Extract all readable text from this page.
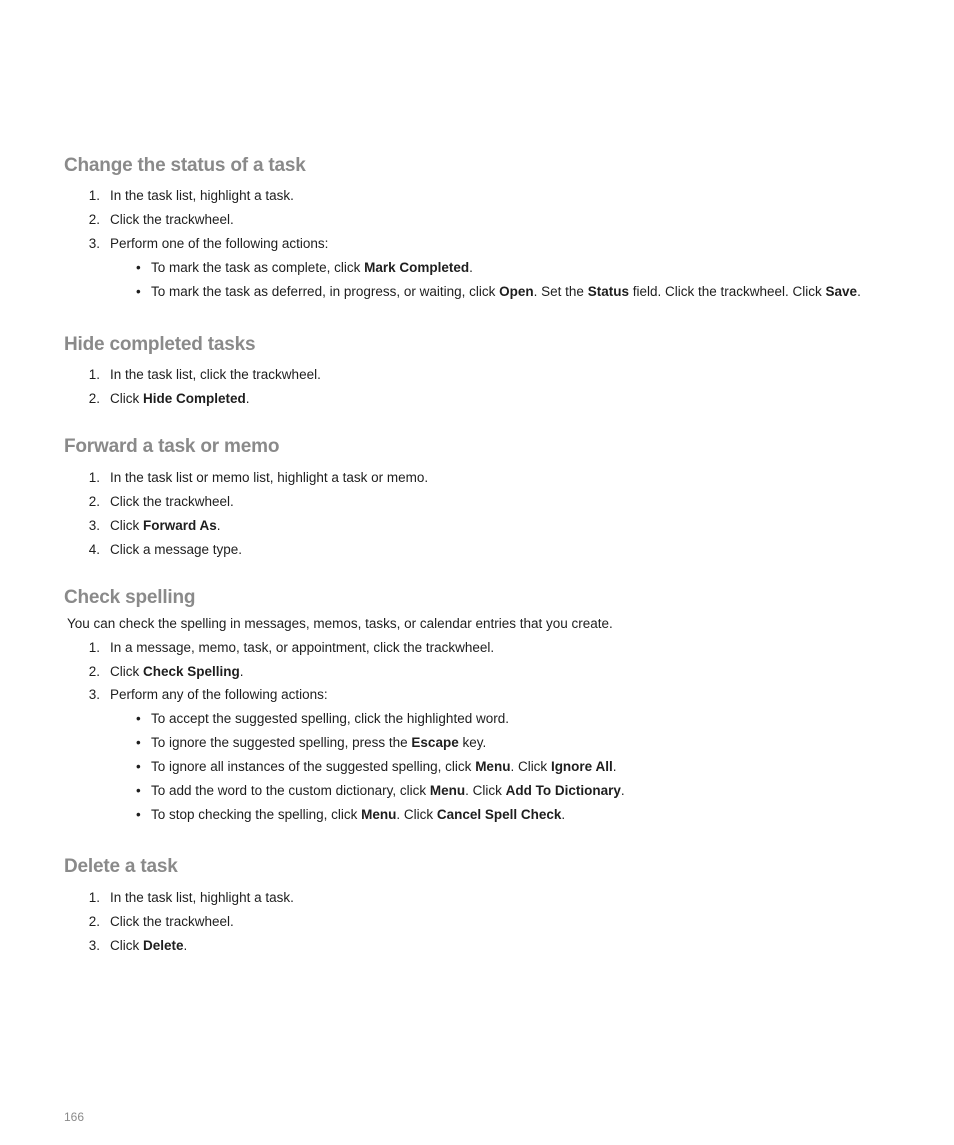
Change the status of a task
1. In the task list, highlight a task.
2. Click the trackwheel.
3. Perform one of the following actions:
• To mark the task as complete, click Mark Completed.
• To mark the task as deferred, in progress, or waiting, click Open. Set the Status field. Click the trackwheel. Click Save.
Hide completed tasks
1. In the task list, click the trackwheel.
2. Click Hide Completed.
Forward a task or memo
1. In the task list or memo list, highlight a task or memo.
2. Click the trackwheel.
3. Click Forward As.
4. Click a message type.
Check spelling
You can check the spelling in messages, memos, tasks, or calendar entries that you create.
1. In a message, memo, task, or appointment, click the trackwheel.
2. Click Check Spelling.
3. Perform any of the following actions:
• To accept the suggested spelling, click the highlighted word.
• To ignore the suggested spelling, press the Escape key.
• To ignore all instances of the suggested spelling, click Menu. Click Ignore All.
• To add the word to the custom dictionary, click Menu. Click Add To Dictionary.
• To stop checking the spelling, click Menu. Click Cancel Spell Check.
Delete a task
1. In the task list, highlight a task.
2. Click the trackwheel.
3. Click Delete.
166
